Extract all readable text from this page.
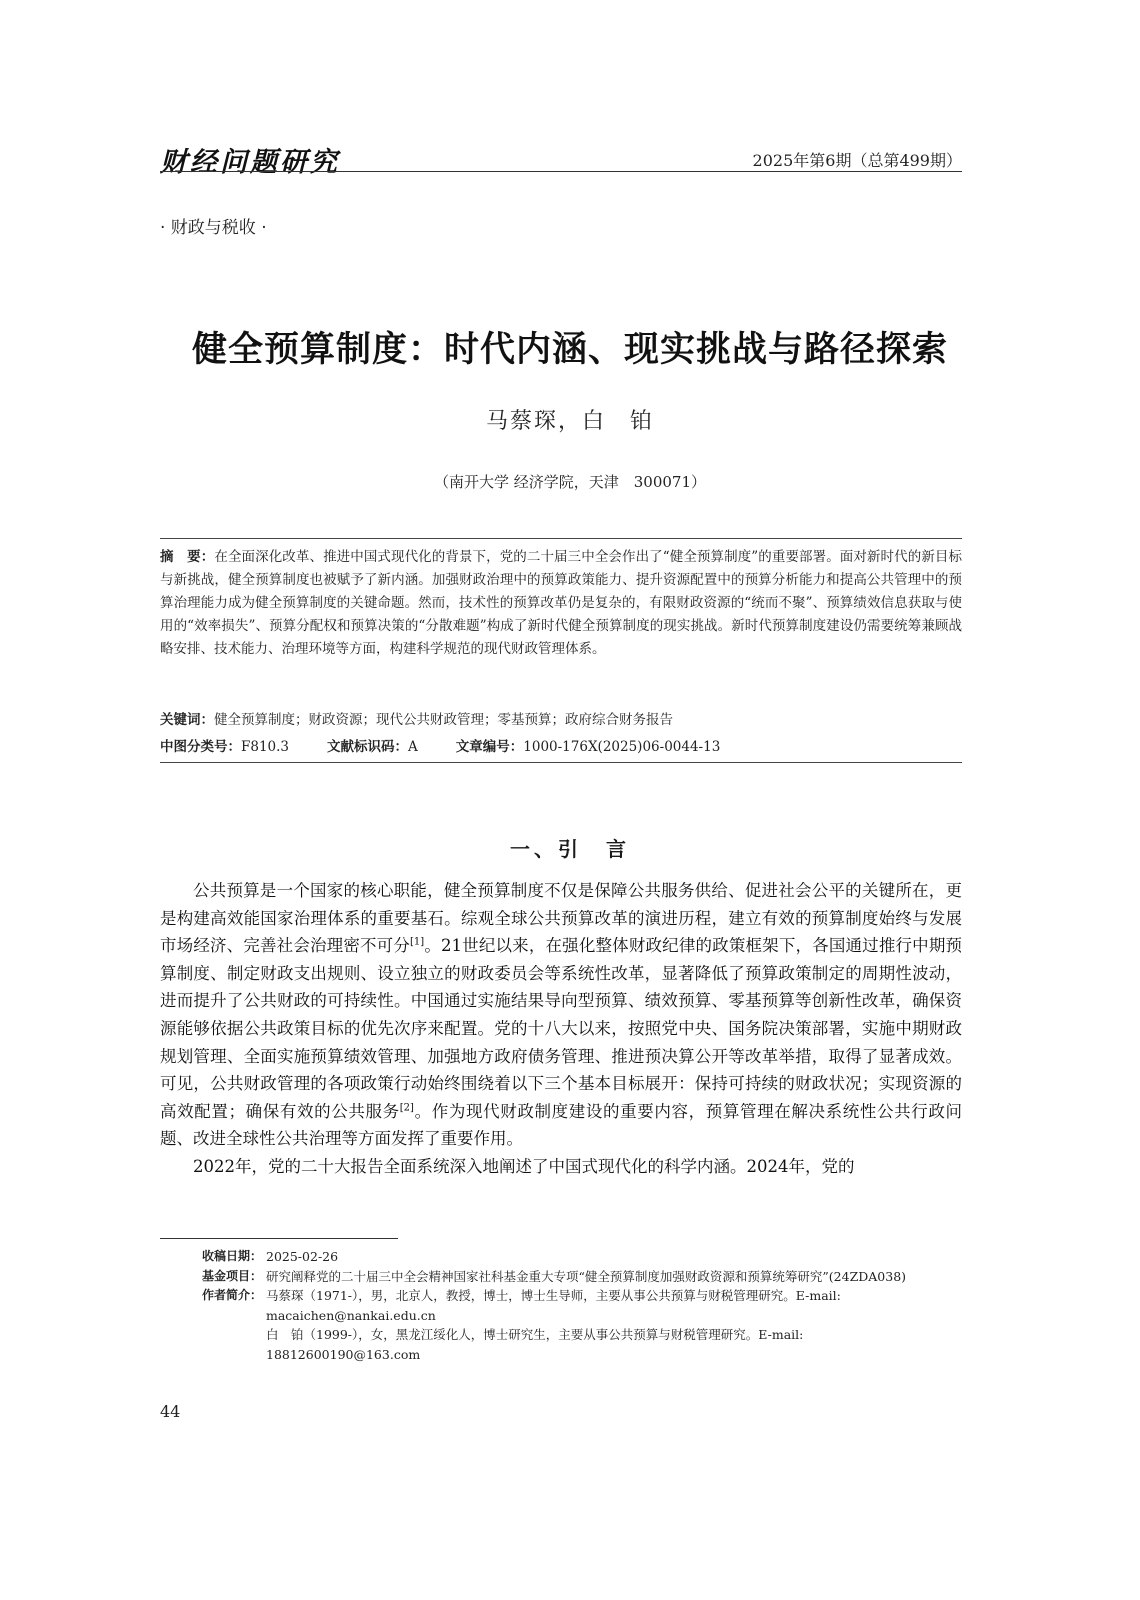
财经问题研究	2025年第6期（总第499期）
· 财政与税收 ·
健全预算制度：时代内涵、现实挑战与路径探索
马蔡琛，白　铂
（南开大学 经济学院，天津　300071）
摘　要：在全面深化改革、推进中国式现代化的背景下，党的二十届三中全会作出了“健全预算制度”的重要部署。面对新时代的新目标与新挑战，健全预算制度也被赋予了新内涵。加强财政治理中的预算政策能力、提升资源配置中的预算分析能力和提高公共管理中的预算治理能力成为健全预算制度的关键命题。然而，技术性的预算改革仍是复杂的，有限财政资源的“统而不聚”、预算绩效信息获取与使用的“效率损失”、预算分配权和预算决策的“分散难题”构成了新时代健全预算制度的现实挑战。新时代预算制度建设仍需要统筹兼顾战略安排、技术能力、治理环境等方面，构建科学规范的现代财政管理体系。
关键词：健全预算制度；财政资源；现代公共财政管理；零基预算；政府综合财务报告
中图分类号：F810.3	文献标识码：A	文章编号：1000-176X(2025)06-0044-13
一、引　言

公共预算是一个国家的核心职能，健全预算制度不仅是保障公共服务供给、促进社会公平的关键所在，更是构建高效能国家治理体系的重要基石。综观全球公共预算改革的演进历程，建立有效的预算制度始终与发展市场经济、完善社会治理密不可分[1]。21世纪以来，在强化整体财政纪律的政策框架下，各国通过推行中期预算制度、制定财政支出规则、设立独立的财政委员会等系统性改革，显著降低了预算政策制定的周期性波动，进而提升了公共财政的可持续性。中国通过实施结果导向型预算、绩效预算、零基预算等创新性改革，确保资源能够依据公共政策目标的优先次序来配置。党的十八大以来，按照党中央、国务院决策部署，实施中期财政规划管理、全面实施预算绩效管理、加强地方政府债务管理、推进预决算公开等改革举措，取得了显著成效。可见，公共财政管理的各项政策行动始终围绕着以下三个基本目标展开：保持可持续的财政状况；实现资源的高效配置；确保有效的公共服务[2]。作为现代财政制度建设的重要内容，预算管理在解决系统性公共行政问题、改进全球性公共治理等方面发挥了重要作用。

2022年，党的二十大报告全面系统深入地阐述了中国式现代化的科学内涵。2024年，党的

收稿日期： 2025-02-26
基金项目： 研究阐释党的二十届三中全会精神国家社科基金重大专项“健全预算制度加强财政资源和预算统筹研究”(24ZDA038)
作者简介： 马蔡琛（1971-），男，北京人，教授，博士，博士生导师，主要从事公共预算与财税管理研究。E-mail:
macaichen@nankai.edu.cn
白　铂（1999-），女，黑龙江绥化人，博士研究生，主要从事公共预算与财税管理研究。E-mail:
18812600190@163.com
44
